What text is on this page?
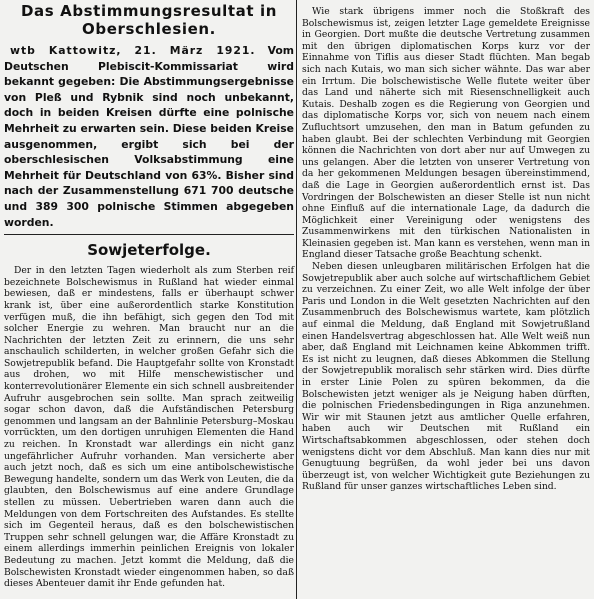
Das Abstimmungsresultat in Oberschlesien.

wtb Kattowitz, 21. März 1921. Vom Deutschen Plebiscit-Kommissariat wird bekannt gegeben: Die Abstimmungsergebnisse von Pleß und Rybnik sind noch unbekannt, doch in beiden Kreisen dürfte eine polnische Mehrheit zu erwarten sein. Diese beiden Kreise ausgenommen, ergibt sich bei der oberschlesischen Volksabstimmung eine Mehrheit für Deutschland von 63%. Bisher sind nach der Zusammenstellung 671 700 deutsche und 389 300 polnische Stimmen abgegeben worden.

Sowjeterfolge.

Der in den letzten Tagen wiederholt als zum Sterben reif bezeichnete Bolschewismus in Rußland hat wieder einmal bewiesen, daß er mindestens, falls er überhaupt schwer krank ist, über eine außerordentlich starke Konstitution verfügen muß, die ihn befähigt, sich gegen den Tod mit solcher Energie zu wehren. Man braucht nur an die Nachrichten der letzten Zeit zu erinnern, die uns sehr anschaulich schilderten, in welcher großen Gefahr sich die Sowjetrepublik befand. Die Hauptgefahr sollte von Kronstadt aus drohen, wo mit Hilfe menschewistischer und konterrevolutionärer Elemente ein sich schnell ausbreitender Aufruhr ausgebrochen sein sollte. Man sprach zeitweilig sogar schon davon, daß die Aufständischen Petersburg genommen und langsam an der Bahnlinie Petersburg–Moskau vorrückten, um den dortigen unruhigen Elementen die Hand zu reichen. In Kronstadt war allerdings ein nicht ganz ungefährlicher Aufruhr vorhanden. Man versicherte aber auch jetzt noch, daß es sich um eine antibolschewistische Bewegung handelte, sondern um das Werk von Leuten, die da glaubten, den Bolschewismus auf eine andere Grundlage stellen zu müssen. Uebertrieben waren dann auch die Meldungen von dem Fortschreiten des Aufstandes. Es stellte sich im Gegenteil heraus, daß es den bolschewistischen Truppen sehr schnell gelungen war, die Affäre Kronstadt zu einem allerdings immerhin peinlichen Ereignis von lokaler Bedeutung zu machen. Jetzt kommt die Meldung, daß die Bolschewisten Kronstadt wieder eingenommen haben, so daß dieses Abenteuer damit ihr Ende gefunden hat.

Wie stark übrigens immer noch die Stoßkraft des Bolschewismus ist, zeigen letzter Lage gemeldete Ereignisse in Georgien. Dort mußte die deutsche Vertretung zusammen mit den übrigen diplomatischen Korps kurz vor der Einnahme von Tiflis aus dieser Stadt flüchten. Man begab sich nach Kutais, wo man sich sicher wähnte. Das war aber ein Irrtum. Die bolschewistische Welle flutete weiter über das Land und näherte sich mit Riesenschnelligkeit auch Kutais. Deshalb zogen es die Regierung von Georgien und das diplomatische Korps vor, sich von neuem nach einem Zufluchtsort umzusehen, den man in Batum gefunden zu haben glaubt. Bei der schlechten Verbindung mit Georgien können die Nachrichten von dort aber nur auf Umwegen zu uns gelangen. Aber die letzten von unserer Vertretung von da her gekommenen Meldungen besagen übereinstimmend, daß die Lage in Georgien außerordentlich ernst ist. Das Vordringen der Bolschewisten an dieser Stelle ist nun nicht ohne Einfluß auf die internationale Lage, da dadurch die Möglichkeit einer Vereinigung oder wenigstens des Zusammenwirkens mit den türkischen Nationalisten in Kleinasien gegeben ist. Man kann es verstehen, wenn man in England dieser Tatsache große Beachtung schenkt.

Neben diesen unleugbaren militärischen Erfolgen hat die Sowjetrepublik aber auch solche auf wirtschaftlichem Gebiet zu verzeichnen. Zu einer Zeit, wo alle Welt infolge der über Paris und London in die Welt gesetzten Nachrichten auf den Zusammenbruch des Bolschewismus wartete, kam plötzlich auf einmal die Meldung, daß England mit Sowjetrußland einen Handelsvertrag abgeschlossen hat. Alle Welt weiß nun aber, daß England mit Leichnamen keine Abkommen trifft. Es ist nicht zu leugnen, daß dieses Abkommen die Stellung der Sowjetrepublik moralisch sehr stärken wird. Dies dürfte in erster Linie Polen zu spüren bekommen, da die Bolschewisten jetzt weniger als je Neigung haben dürften, die polnischen Friedensbedingungen in Riga anzunehmen. Wir wir mit Staunen jetzt aus amtlicher Quelle erfahren, haben auch wir Deutschen mit Rußland ein Wirtschaftsabkommen abgeschlossen, oder stehen doch wenigstens dicht vor dem Abschluß. Man kann dies nur mit Genugtuung begrüßen, da wohl jeder bei uns davon überzeugt ist, von welcher Wichtigkeit gute Beziehungen zu Rußland für unser ganzes wirtschaftliches Leben sind.
